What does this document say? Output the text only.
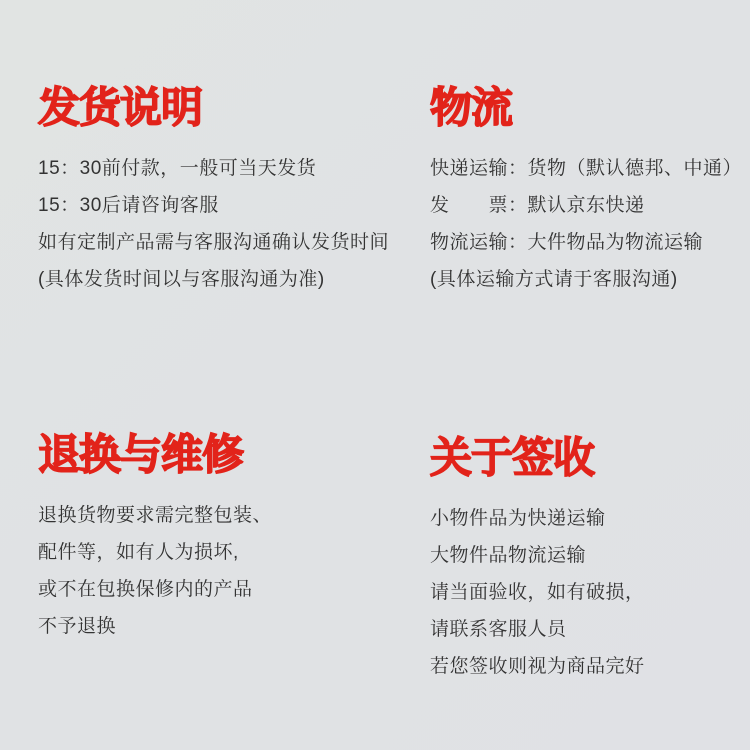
发货说明

15：30前付款，一般可当天发货

15：30后请咨询客服

如有定制产品需与客服沟通确认发货时间

(具体发货时间以与客服沟通为准)

物流

快递运输：货物（默认德邦、中通）

发　　票：默认京东快递

物流运输：大件物品为物流运输

(具体运输方式请于客服沟通)

退换与维修

退换货物要求需完整包装、

配件等，如有人为损坏,

或不在包换保修内的产品

不予退换

关于签收

小物件品为快递运输

大物件品物流运输

请当面验收，如有破损，

请联系客服人员

若您签收则视为商品完好
